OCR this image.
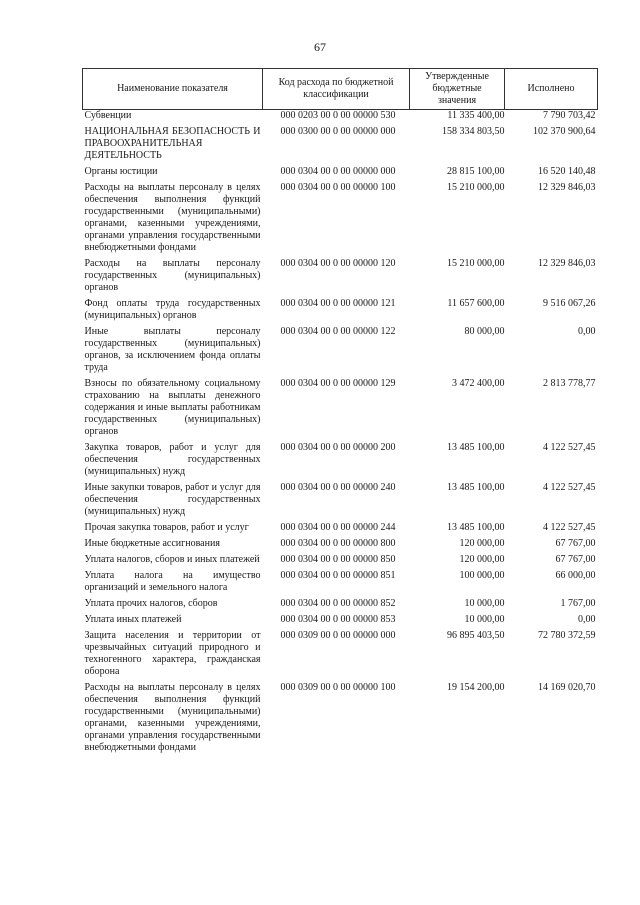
67
Наименование показателя	Код расхода по бюджетной классификации	Утвержденные бюджетные значения	Исполнено
Субвенции	000 0203 00 0 00 00000 530	11 335 400,00	7 790 703,42
НАЦИОНАЛЬНАЯ БЕЗОПАСНОСТЬ И ПРАВООХРАНИТЕЛЬНАЯ ДЕЯТЕЛЬНОСТЬ	000 0300 00 0 00 00000 000	158 334 803,50	102 370 900,64
Органы юстиции	000 0304 00 0 00 00000 000	28 815 100,00	16 520 140,48
Расходы на выплаты персоналу в целях обеспечения выполнения функций государственными (муниципальными) органами, казенными учреждениями, органами управления государственными внебюджетными фондами	000 0304 00 0 00 00000 100	15 210 000,00	12 329 846,03
Расходы на выплаты персоналу государственных (муниципальных) органов	000 0304 00 0 00 00000 120	15 210 000,00	12 329 846,03
Фонд оплаты труда государственных (муниципальных) органов	000 0304 00 0 00 00000 121	11 657 600,00	9 516 067,26
Иные выплаты персоналу государственных (муниципальных) органов, за исключением фонда оплаты труда	000 0304 00 0 00 00000 122	80 000,00	0,00
Взносы по обязательному социальному страхованию на выплаты денежного содержания и иные выплаты работникам государственных (муниципальных) органов	000 0304 00 0 00 00000 129	3 472 400,00	2 813 778,77
Закупка товаров, работ и услуг для обеспечения государственных (муниципальных) нужд	000 0304 00 0 00 00000 200	13 485 100,00	4 122 527,45
Иные закупки товаров, работ и услуг для обеспечения государственных (муниципальных) нужд	000 0304 00 0 00 00000 240	13 485 100,00	4 122 527,45
Прочая закупка товаров, работ и услуг	000 0304 00 0 00 00000 244	13 485 100,00	4 122 527,45
Иные бюджетные ассигнования	000 0304 00 0 00 00000 800	120 000,00	67 767,00
Уплата налогов, сборов и иных платежей	000 0304 00 0 00 00000 850	120 000,00	67 767,00
Уплата налога на имущество организаций и земельного налога	000 0304 00 0 00 00000 851	100 000,00	66 000,00
Уплата прочих налогов, сборов	000 0304 00 0 00 00000 852	10 000,00	1 767,00
Уплата иных платежей	000 0304 00 0 00 00000 853	10 000,00	0,00
Защита населения и территории от чрезвычайных ситуаций природного и техногенного характера, гражданская оборона	000 0309 00 0 00 00000 000	96 895 403,50	72 780 372,59
Расходы на выплаты персоналу в целях обеспечения выполнения функций государственными (муниципальными) органами, казенными учреждениями, органами управления государственными внебюджетными фондами	000 0309 00 0 00 00000 100	19 154 200,00	14 169 020,70
